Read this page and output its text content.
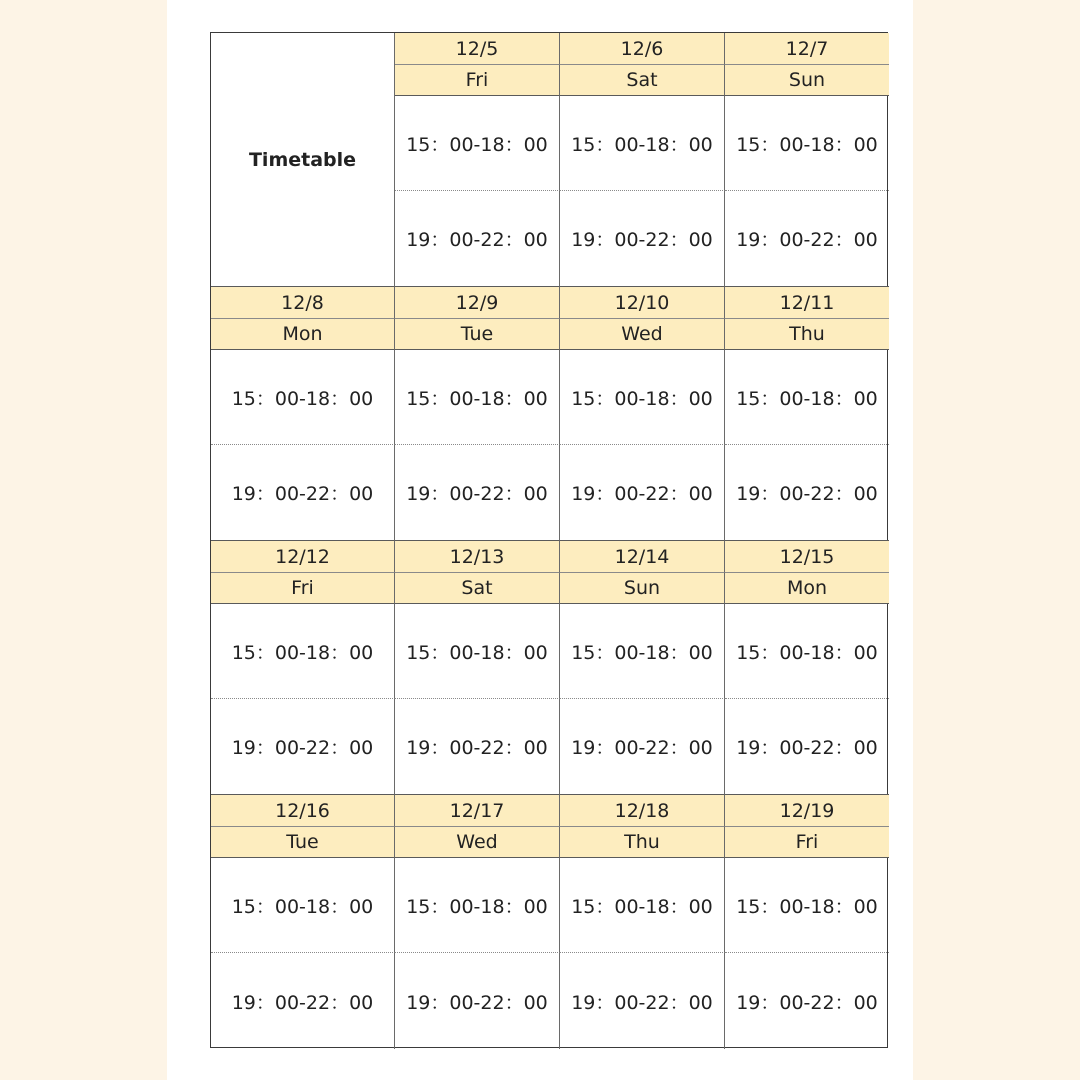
Timetable
12/5
Fri
15：00-18：00
19：00-22：00
12/6
Sat
15：00-18：00
19：00-22：00
12/7
Sun
15：00-18：00
19：00-22：00
12/8
Mon
15：00-18：00
19：00-22：00
12/9
Tue
15：00-18：00
19：00-22：00
12/10
Wed
15：00-18：00
19：00-22：00
12/11
Thu
15：00-18：00
19：00-22：00
12/12
Fri
15：00-18：00
19：00-22：00
12/13
Sat
15：00-18：00
19：00-22：00
12/14
Sun
15：00-18：00
19：00-22：00
12/15
Mon
15：00-18：00
19：00-22：00
12/16
Tue
15：00-18：00
19：00-22：00
12/17
Wed
15：00-18：00
19：00-22：00
12/18
Thu
15：00-18：00
19：00-22：00
12/19
Fri
15：00-18：00
19：00-22：00
